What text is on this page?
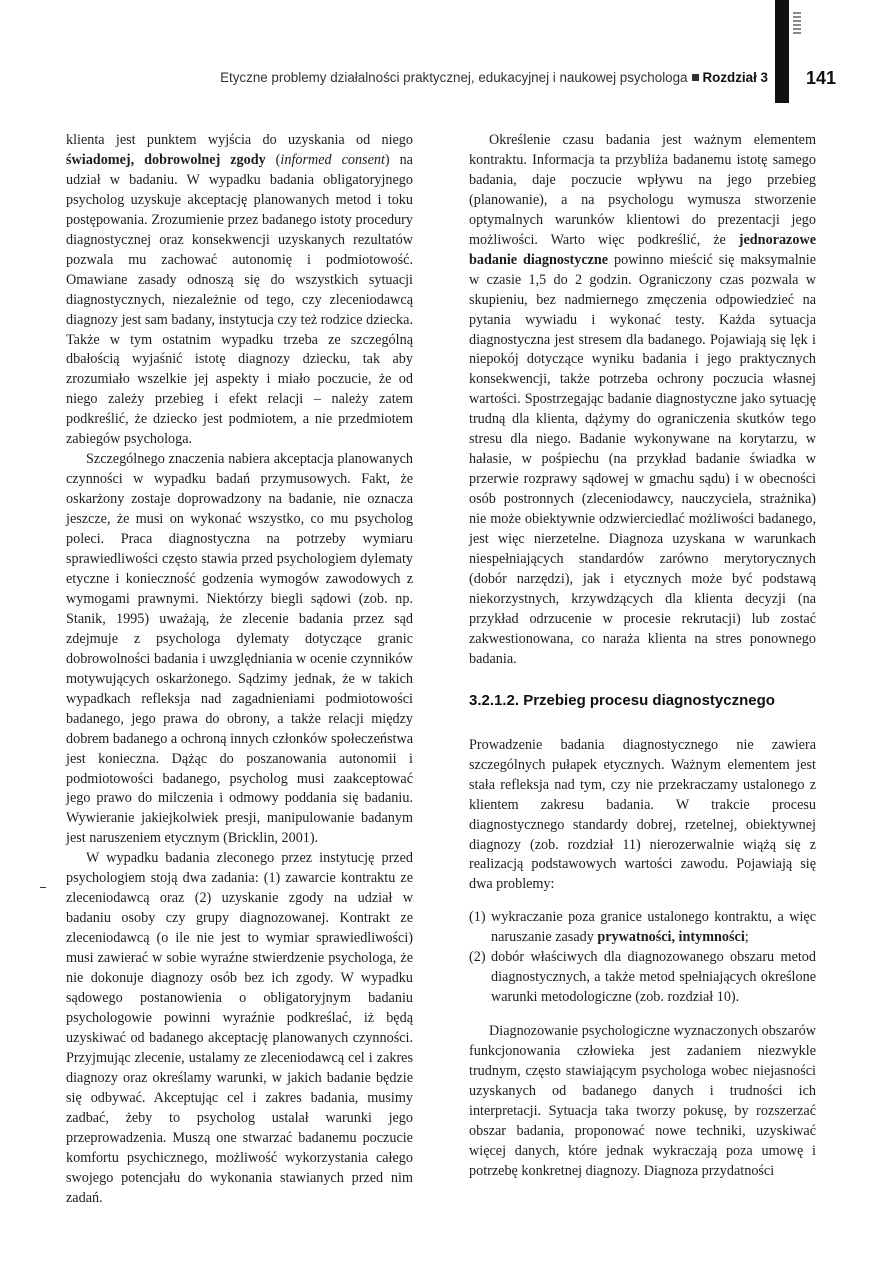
Etyczne problemy działalności praktycznej, edukacyjnej i naukowej psychologa Rozdział 3 141

klienta jest punktem wyjścia do uzyskania od niego świadomej, dobrowolnej zgody (informed consent) na udział w badaniu. W wypadku badania obligatoryjnego psycholog uzyskuje akceptację planowanych metod i toku postępowania. Zrozumienie przez badanego istoty procedury diagnostycznej oraz konsekwencji uzyskanych rezultatów pozwala mu zachować autonomię i podmiotowość. Omawiane zasady odnoszą się do wszystkich sytuacji diagnostycznych, niezależnie od tego, czy zleceniodawcą diagnozy jest sam badany, instytucja czy też rodzice dziecka. Także w tym ostatnim wypadku trzeba ze szczególną dbałością wyjaśnić istotę diagnozy dziecku, tak aby zrozumiało wszelkie jej aspekty i miało poczucie, że od niego zależy przebieg i efekt relacji – należy zatem podkreślić, że dziecko jest podmiotem, a nie przedmiotem zabiegów psychologa.

Szczególnego znaczenia nabiera akceptacja planowanych czynności w wypadku badań przymusowych. Fakt, że oskarżony zostaje doprowadzony na badanie, nie oznacza jeszcze, że musi on wykonać wszystko, co mu psycholog poleci. Praca diagnostyczna na potrzeby wymiaru sprawiedliwości często stawia przed psychologiem dylematy etyczne i konieczność godzenia wymogów zawodowych z wymogami prawnymi. Niektórzy biegli sądowi (zob. np. Stanik, 1995) uważają, że zlecenie badania przez sąd zdejmuje z psychologa dylematy dotyczące granic dobrowolności badania i uwzględniania w ocenie czynników motywujących oskarżonego. Sądzimy jednak, że w takich wypadkach refleksja nad zagadnieniami podmiotowości badanego, jego prawa do obrony, a także relacji między dobrem badanego a ochroną innych członków społeczeństwa jest konieczna. Dążąc do poszanowania autonomii i podmiotowości badanego, psycholog musi zaakceptować jego prawo do milczenia i odmowy poddania się badaniu. Wywieranie jakiejkolwiek presji, manipulowanie badanym jest naruszeniem etycznym (Bricklin, 2001).

W wypadku badania zleconego przez instytucję przed psychologiem stoją dwa zadania: (1) zawarcie kontraktu ze zleceniodawcą oraz (2) uzyskanie zgody na udział w badaniu osoby czy grupy diagnozowanej. Kontrakt ze zleceniodawcą (o ile nie jest to wymiar sprawiedliwości) musi zawierać w sobie wyraźne stwierdzenie psychologa, że nie dokonuje diagnozy osób bez ich zgody. W wypadku sądowego postanowienia o obligatoryjnym badaniu psychologowie powinni wyraźnie podkreślać, iż będą uzyskiwać od badanego akceptację planowanych czynności. Przyjmując zlecenie, ustalamy ze zleceniodawcą cel i zakres diagnozy oraz określamy warunki, w jakich badanie będzie się odbywać. Akceptując cel i zakres badania, musimy zadbać, żeby to psycholog ustalał warunki jego przeprowadzenia. Muszą one stwarzać badanemu poczucie komfortu psychicznego, możliwość wykorzystania całego swojego potencjału do wykonania stawianych przed nim zadań.

Określenie czasu badania jest ważnym elementem kontraktu. Informacja ta przybliża badanemu istotę samego badania, daje poczucie wpływu na jego przebieg (planowanie), a na psychologu wymusza stworzenie optymalnych warunków klientowi do prezentacji jego możliwości. Warto więc podkreślić, że jednorazowe badanie diagnostyczne powinno mieścić się maksymalnie w czasie 1,5 do 2 godzin. Ograniczony czas pozwala w skupieniu, bez nadmiernego zmęczenia odpowiedzieć na pytania wywiadu i wykonać testy. Każda sytuacja diagnostyczna jest stresem dla badanego. Pojawiają się lęk i niepokój dotyczące wyniku badania i jego praktycznych konsekwencji, także potrzeba ochrony poczucia własnej wartości. Spostrzegając badanie diagnostyczne jako sytuację trudną dla klienta, dążymy do ograniczenia skutków tego stresu dla niego. Badanie wykonywane na korytarzu, w hałasie, w pośpiechu (na przykład badanie świadka w przerwie rozprawy sądowej w gmachu sądu) i w obecności osób postronnych (zleceniodawcy, nauczyciela, strażnika) nie może obiektywnie odzwierciedlać możliwości badanego, jest więc nierzetelne. Diagnoza uzyskana w warunkach niespełniających standardów zarówno merytorycznych (dobór narzędzi), jak i etycznych może być podstawą niekorzystnych, krzywdzących dla klienta decyzji (na przykład odrzucenie w procesie rekrutacji) lub zostać zakwestionowana, co naraża klienta na stres ponownego badania.

3.2.1.2. Przebieg procesu diagnostycznego

Prowadzenie badania diagnostycznego nie zawiera szczególnych pułapek etycznych. Ważnym elementem jest stała refleksja nad tym, czy nie przekraczamy ustalonego z klientem zakresu badania. W trakcie procesu diagnostycznego standardy dobrej, rzetelnej, obiektywnej diagnozy (zob. rozdział 11) nierozerwalnie wiążą się z realizacją podstawowych wartości zawodu. Pojawiają się dwa problemy:

(1) wykraczanie poza granice ustalonego kontraktu, a więc naruszanie zasady prywatności, intymności;
(2) dobór właściwych dla diagnozowanego obszaru metod diagnostycznych, a także metod spełniających określone warunki metodologiczne (zob. rozdział 10).

Diagnozowanie psychologiczne wyznaczonych obszarów funkcjonowania człowieka jest zadaniem niezwykle trudnym, często stawiającym psychologa wobec niejasności uzyskanych od badanego danych i trudności ich interpretacji. Sytuacja taka tworzy pokusę, by rozszerzać obszar badania, proponować nowe techniki, uzyskiwać więcej danych, które jednak wykraczają poza umowę i potrzebę konkretnej diagnozy. Diagnoza przydatności
